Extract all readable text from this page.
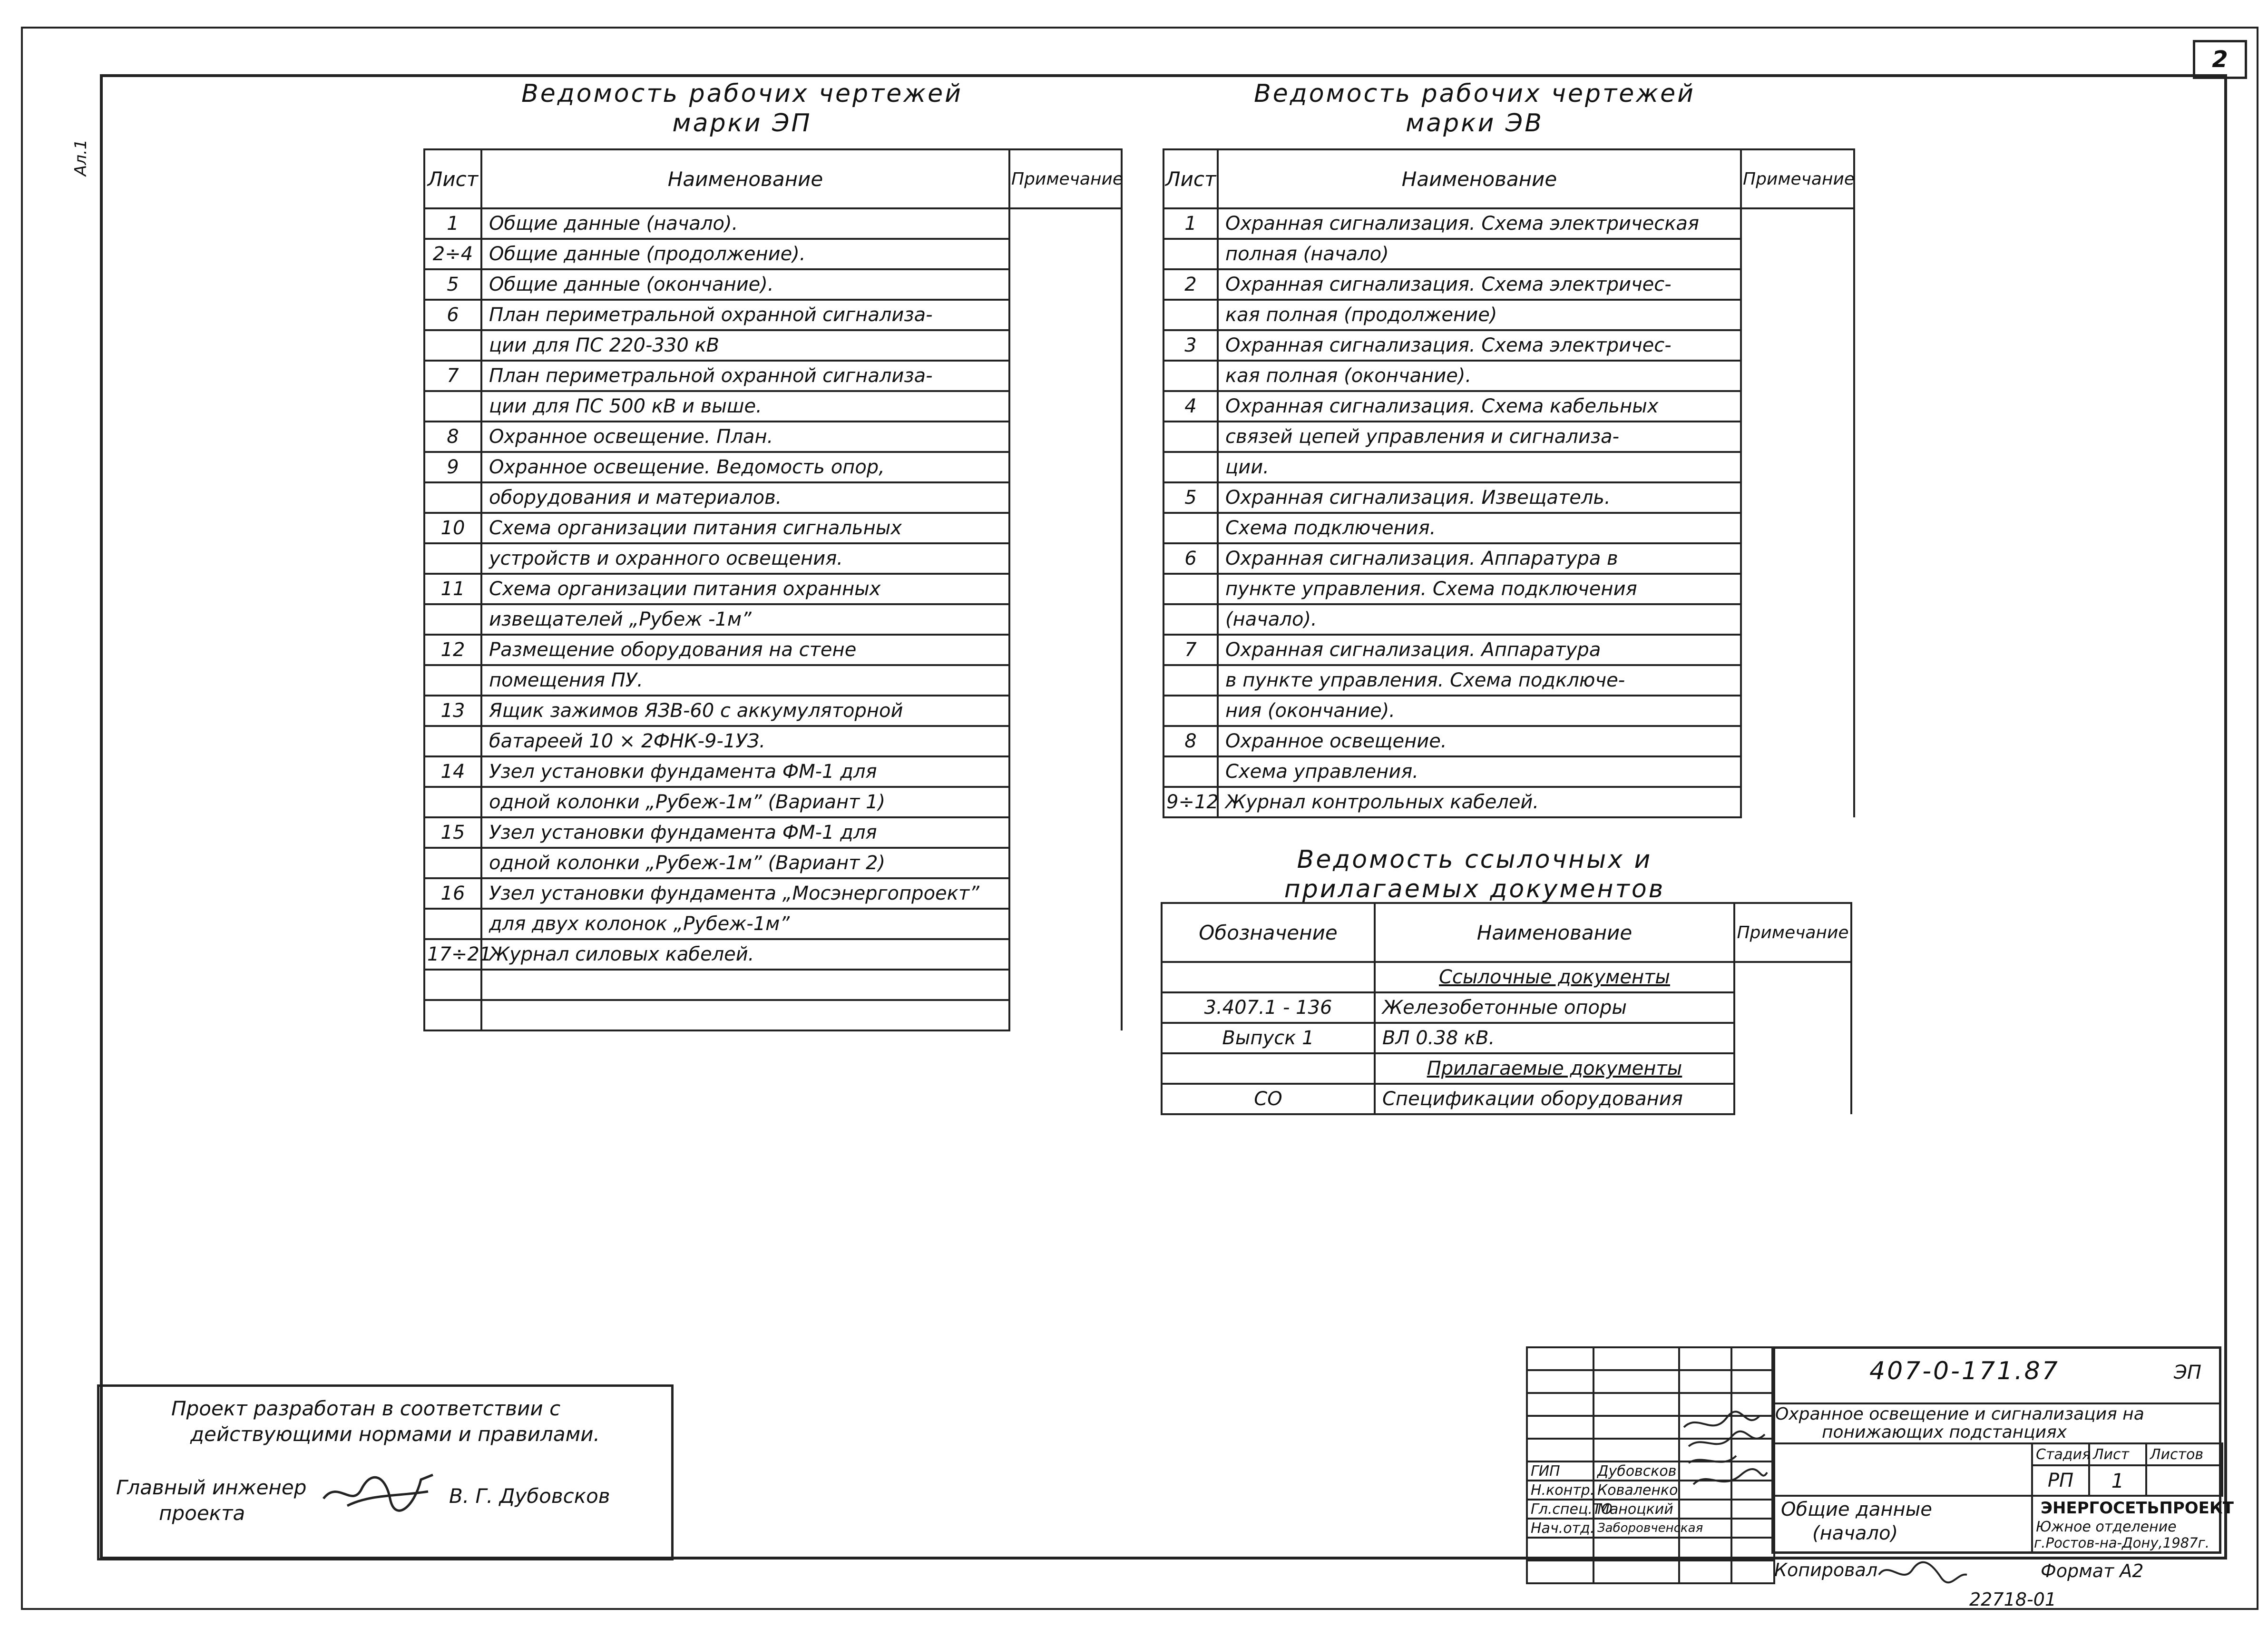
2
Ал.1
Ведомость рабочих чертежей
марки ЭП
Лист	Наименование	Примечание
1	Общие данные (начало).	
2÷4	Общие данные (продолжение).	
5	Общие данные (окончание).	
6	План периметральной охранной сигнализа-	
	ции для ПС 220-330 кВ	
7	План периметральной охранной сигнализа-	
	ции для ПС 500 кВ и выше.	
8	Охранное освещение. План.	
9	Охранное освещение. Ведомость опор,	
	оборудования и материалов.	
10	Схема организации питания сигнальных	
	устройств и охранного освещения.	
11	Схема организации питания охранных	
	извещателей „Рубеж -1м”	
12	Размещение оборудования на стене	
	помещения ПУ.	
13	Ящик зажимов ЯЗВ-60 с аккумуляторной	
	батареей 10 × 2ФНК-9-1УЗ.	
14	Узел установки фундамента ФМ-1 для	
	одной колонки „Рубеж-1м” (Вариант 1)	
15	Узел установки фундамента ФМ-1 для	
	одной колонки „Рубеж-1м” (Вариант 2)	
16	Узел установки фундамента „Мосэнергопроект”	
	для двух колонок „Рубеж-1м”	
17÷21	Журнал силовых кабелей.	

Ведомость рабочих чертежей
марки ЭВ
Лист	Наименование	Примечание
1	Охранная сигнализация. Схема электрическая	
	полная (начало)	
2	Охранная сигнализация. Схема электричес-	
	кая полная (продолжение)	
3	Охранная сигнализация. Схема электричес-	
	кая полная (окончание).	
4	Охранная сигнализация. Схема кабельных	
	связей цепей управления и сигнализа-	
	ции.	
5	Охранная сигнализация. Извещатель.	
	Схема подключения.	
6	Охранная сигнализация. Аппаратура в	
	пункте управления. Схема подключения	
	(начало).	
7	Охранная сигнализация. Аппаратура	
	в пункте управления. Схема подключе-	
	ния (окончание).	
8	Охранное освещение.	
	Схема управления.	
9÷12	Журнал контрольных кабелей.	
Ведомость ссылочных и
прилагаемых документов
Обозначение	Наименование	Примечание
	Ссылочные документы	
3.407.1 - 136	Железобетонные опоры	
Выпуск 1	ВЛ 0.38 кВ.	
	Прилагаемые документы	
СО	Спецификации оборудования	
Проект разработан в соответствии с
действующими нормами и правилами.
Главный инженер
проекта
В. Г. Дубовсков

ГИП	Дубовсков		
Н.контр.	Коваленко		
Гл.спец.ТО	Маноцкий		
Нач.отд.	Заборовченская		

407-0-171.87	ЭП
Охранное освещение и сигнализация на
понижающих подстанциях
Стадия	Лист	Листов
РП	1	
Общие данные
(начало)
ЭНЕРГОСЕТЬПРОЕКТ
Южное отделение
г.Ростов-на-Дону,1987г.
Копировал	Формат А2
22718-01
